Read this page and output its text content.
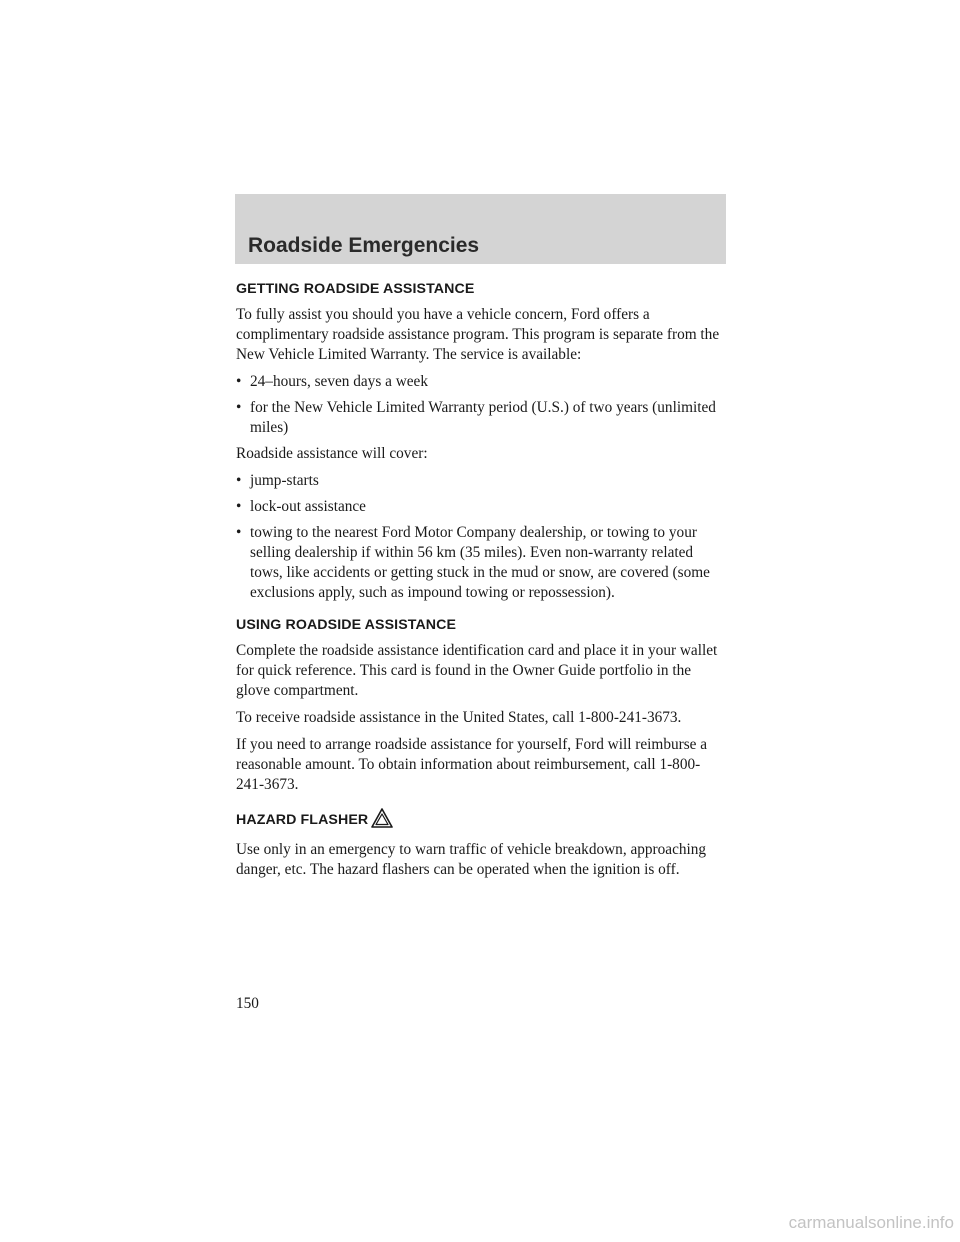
Roadside Emergencies
GETTING ROADSIDE ASSISTANCE

To fully assist you should you have a vehicle concern, Ford offers a complimentary roadside assistance program. This program is separate from the New Vehicle Limited Warranty. The service is available:

• 24–hours, seven days a week
• for the New Vehicle Limited Warranty period (U.S.) of two years (unlimited miles)

Roadside assistance will cover:

• jump-starts
• lock-out assistance
• towing to the nearest Ford Motor Company dealership, or towing to your selling dealership if within 56 km (35 miles). Even non-warranty related tows, like accidents or getting stuck in the mud or snow, are covered (some exclusions apply, such as impound towing or repossession).
USING ROADSIDE ASSISTANCE

Complete the roadside assistance identification card and place it in your wallet for quick reference. This card is found in the Owner Guide portfolio in the glove compartment.

To receive roadside assistance in the United States, call 1-800-241-3673.

If you need to arrange roadside assistance for yourself, Ford will reimburse a reasonable amount. To obtain information about reimbursement, call 1-800-241-3673.

HAZARD FLASHER

Use only in an emergency to warn traffic of vehicle breakdown, approaching danger, etc. The hazard flashers can be operated when the ignition is off.

150

carmanualsonline.info
